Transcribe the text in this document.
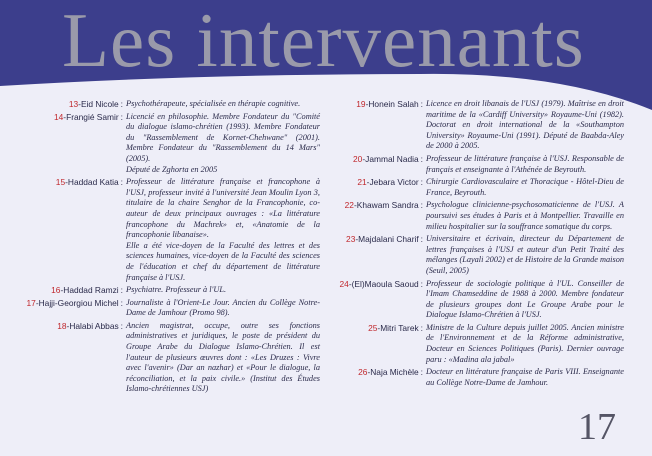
Les intervenants
13-Eid Nicole : Psychothérapeute, spécialisée en thérapie cognitive.

14-Frangié Samir : Licencié en philosophie. Membre Fondateur du "Comité du dialogue islamo-chrétien (1993). Membre Fondateur du "Rassemblement de Kornet-Chehwane" (2001). Membre Fondateur du "Rassemblement du 14 Mars" (2005).

Député de Zghorta en 2005

15-Haddad Katia : Professeur de littérature française et francophone à l'USJ, professeur invité à l'université Jean Moulin Lyon 3, titulaire de la chaire Senghor de la Francophonie, co-auteur de deux principaux ouvrages : «La littérature francophone du Machrek» et, «Anatomie de la francophonie libanaise».

Elle a été vice-doyen de la Faculté des lettres et des sciences humaines, vice-doyen de la Faculté des sciences de l'éducation et chef du département de littérature française à l'USJ.

16-Haddad Ramzi : Psychiatre. Professeur à l'UL.

17-Hajji-Georgiou Michel : Journaliste à l'Orient-Le Jour. Ancien du Collège Notre-Dame de Jamhour (Promo 98).

18-Halabi Abbas : Ancien magistrat, occupe, outre ses fonctions administratives et juridiques, le poste de président du Groupe Arabe du Dialogue Islamo-Chrétien. Il est l'auteur de plusieurs œuvres dont : «Les Druzes : Vivre avec l'avenir» (Dar an nazhar) et «Pour le dialogue, la réconciliation, et la paix civile.» (Institut des Études Islamo-chrétiennes USJ)

19-Honein Salah : Licence en droit libanais de l'USJ (1979). Maîtrise en droit maritime de la «Cardiff University» Royaume-Uni (1982). Doctorat en droit international de la «Southampton University» Royaume-Uni (1991). Député de Baabda-Aley de 2000 à 2005.

20-Jammal Nadia : Professeur de littérature française à l'USJ. Responsable de français et enseignante à l'Athénée de Beyrouth.

21-Jebara Victor : Chirurgie Cardiovasculaire et Thoracique - Hôtel-Dieu de France, Beyrouth.

22-Khawam Sandra : Psychologue clinicienne-psychosomaticienne de l'USJ. A poursuivi ses études à Paris et à Montpellier. Travaille en milieu hospitalier sur la souffrance somatique du corps.

23-Majdalani Charif : Universitaire et écrivain, directeur du Département de lettres françaises à l'USJ et auteur d'un Petit Traité des mélanges (Layali 2002) et de Histoire de la Grande maison (Seuil, 2005)

24-(El)Maoula Saoud : Professeur de sociologie politique à l'UL. Conseiller de l'Imam Chamseddine de 1988 à 2000. Membre fondateur de plusieurs groupes dont Le Groupe Arabe pour le Dialogue Islamo-Chrétien à l'USJ.

25-Mitri Tarek : Ministre de la Culture depuis juillet 2005. Ancien ministre de l'Environnement et de la Réforme administrative, Docteur en Sciences Politiques (Paris). Dernier ouvrage paru : «Madina ala jabal»

26-Naja Michèle : Docteur en littérature française de Paris VIII. Enseignante au Collège Notre-Dame de Jamhour.

17
